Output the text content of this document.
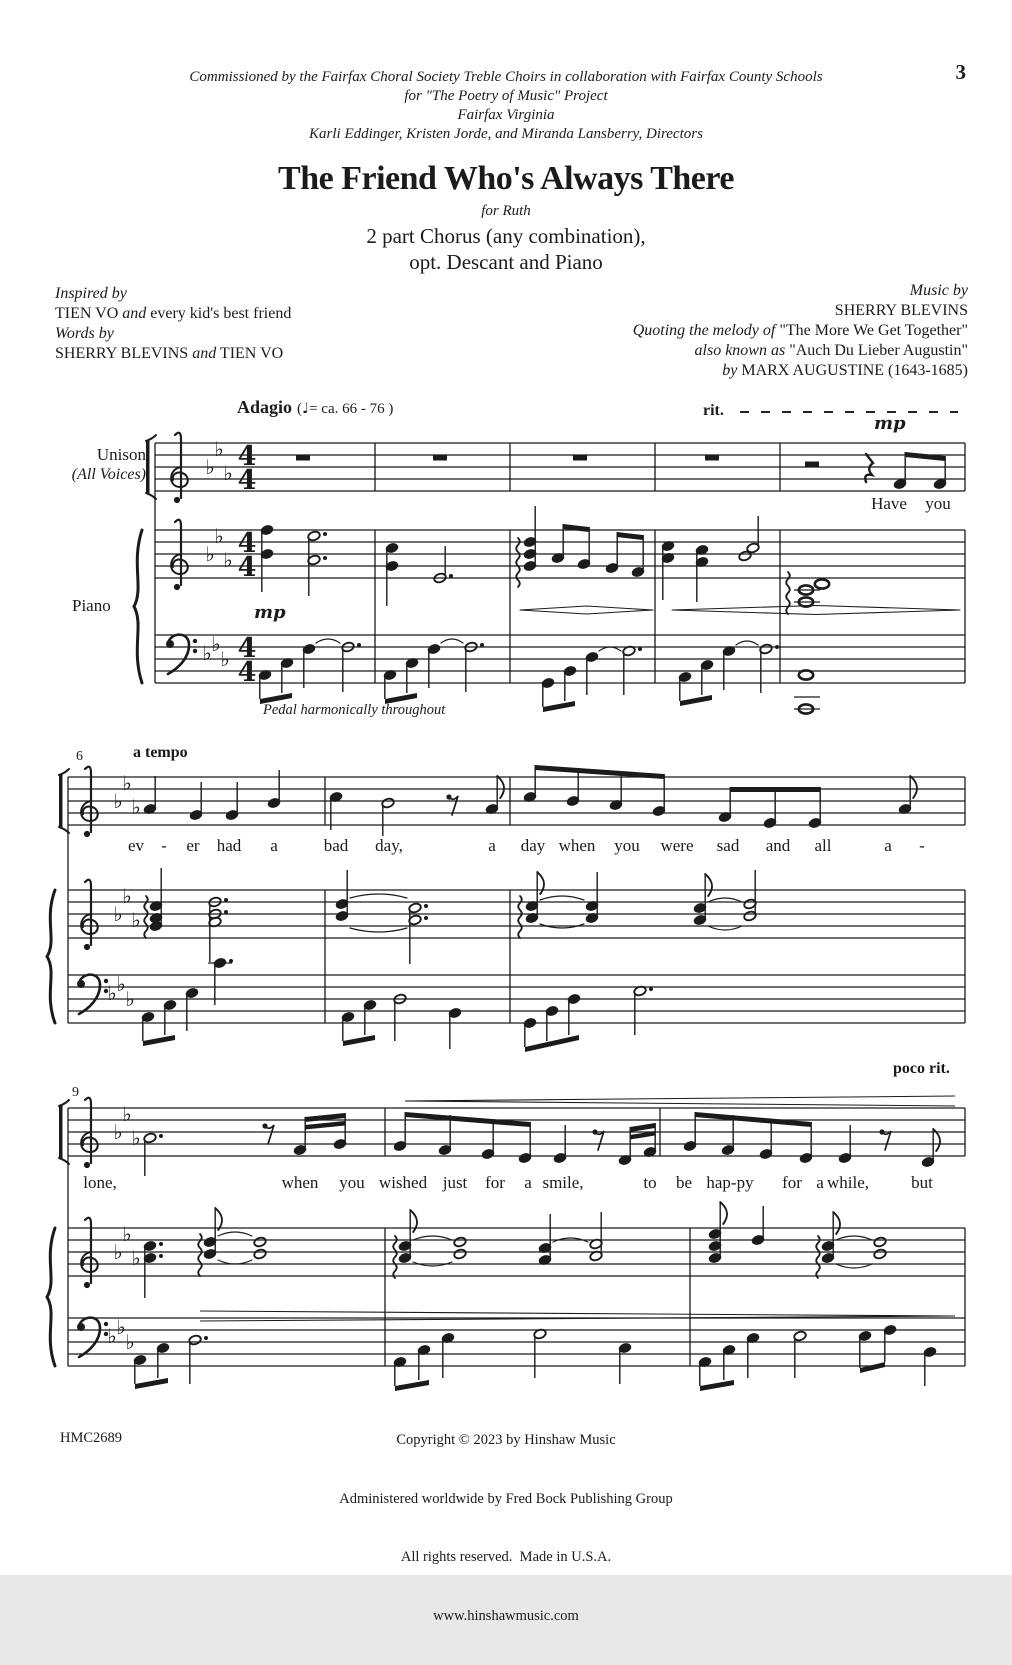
♭
♭
♭
4
4
♭
♭
♭
4
4
♭ ♭
♭ 4
4
♭
♭
♭
♭
♭
♭
♭ ♭
♭
♭
♭
♭
♭
♭
♭
♭ ♭
♭
Commissioned by the Fairfax Choral Society Treble Choirs in collaboration with Fairfax County Schools
for "The Poetry of Music" Project
Fairfax Virginia
Karli Eddinger, Kristen Jorde, and Miranda Lansberry, Directors
3
The Friend Who's Always There
for Ruth
2 part Chorus (any combination),
opt. Descant and Piano
Inspired by
TIEN VO and every kid's best friend
Words by
SHERRY BLEVINS and TIEN VO
Music by
SHERRY BLEVINS
Quoting the melody of "The More We Get Together"
also known as "Auch Du Lieber Augustin"
by MARX AUGUSTINE (1643-1685)
Adagio (♩= ca. 66 - 76 )	rit.
mp
mp
a tempo
poco rit.
Unison
(All Voices)
Piano
Pedal harmonically throughout
6
9
Have you
ev - er had a	bad day,	a day when you were sad and all	a -
lone,	when you wished just for a smile,	to be hap-py for a while, but
HMC2689

	Copyright © 2023 by Hinshaw Music

Administered worldwide by Fred Bock Publishing Group

All rights reserved.  Made in U.S.A.

www.hinshawmusic.com
